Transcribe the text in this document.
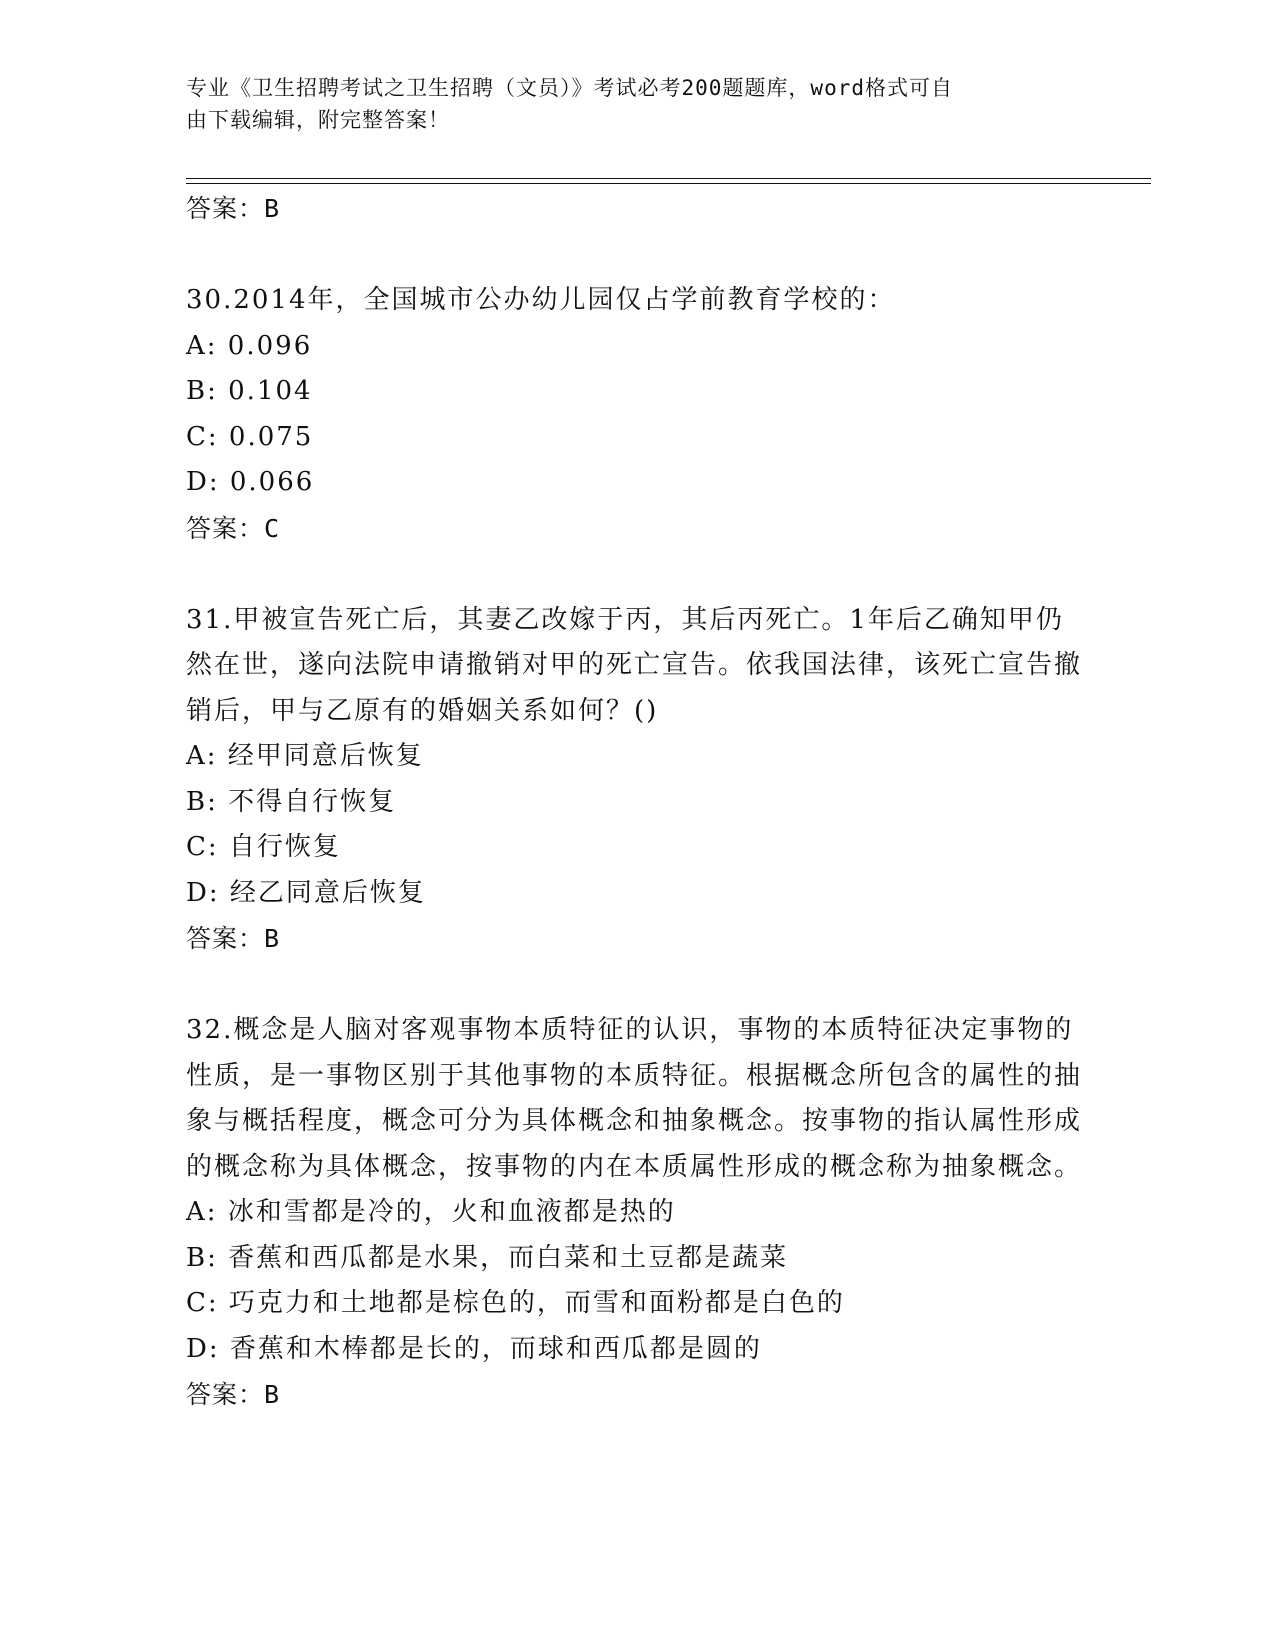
专业《卫生招聘考试之卫生招聘（文员）》考试必考200题题库，word格式可自
由下载编辑，附完整答案！
答案：B

30.2014年，全国城市公办幼儿园仅占学前教育学校的：

A: 0.096

B: 0.104

C: 0.075

D: 0.066

答案：C

31.甲被宣告死亡后，其妻乙改嫁于丙，其后丙死亡。1年后乙确知甲仍然在世，遂向法院申请撤销对甲的死亡宣告。依我国法律，该死亡宣告撤销后，甲与乙原有的婚姻关系如何？()

A: 经甲同意后恢复

B: 不得自行恢复

C: 自行恢复

D: 经乙同意后恢复

答案：B

32.概念是人脑对客观事物本质特征的认识，事物的本质特征决定事物的性质，是一事物区别于其他事物的本质特征。根据概念所包含的属性的抽象与概括程度，概念可分为具体概念和抽象概念。按事物的指认属性形成的概念称为具体概念，按事物的内在本质属性形成的概念称为抽象概念。

A: 冰和雪都是冷的，火和血液都是热的

B: 香蕉和西瓜都是水果，而白菜和土豆都是蔬菜

C: 巧克力和土地都是棕色的，而雪和面粉都是白色的

D: 香蕉和木棒都是长的，而球和西瓜都是圆的

答案：B
